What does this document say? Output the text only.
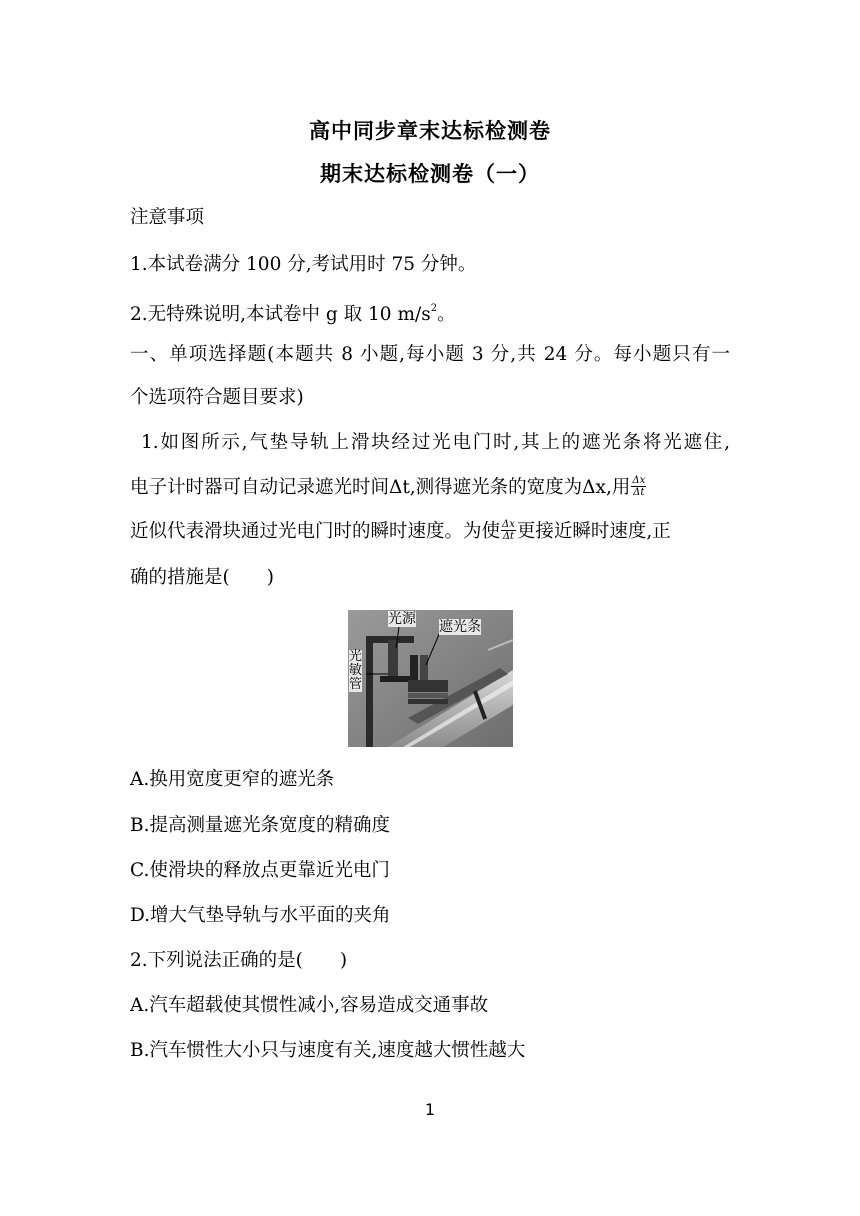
高中同步章末达标检测卷
期末达标检测卷（一）
注意事项
1.本试卷满分 100 分,考试用时 75 分钟。
2.无特殊说明,本试卷中 g 取 10 $m/s^2$。
一、单项选择题(本题共 8 小题,每小题 3 分,共 24 分。每小题只有一
个选项符合题目要求)
1.如图所示,气垫导轨上滑块经过光电门时,其上的遮光条将光遮住,
电子计时器可自动记录遮光时间Δt,测得遮光条的宽度为Δx,用 $\frac{\Delta x}{\Delta t}$
近似代表滑块通过光电门时的瞬时速度。为使 $\frac{\Delta x}{\Delta t}$ 更接近瞬时速度,正
确的措施是(　　)
光源 遮光条
光
敏
管
A.换用宽度更窄的遮光条
B.提高测量遮光条宽度的精确度
C.使滑块的释放点更靠近光电门
D.增大气垫导轨与水平面的夹角
2.下列说法正确的是(　　)
A.汽车超载使其惯性减小,容易造成交通事故
B.汽车惯性大小只与速度有关,速度越大惯性越大
1
